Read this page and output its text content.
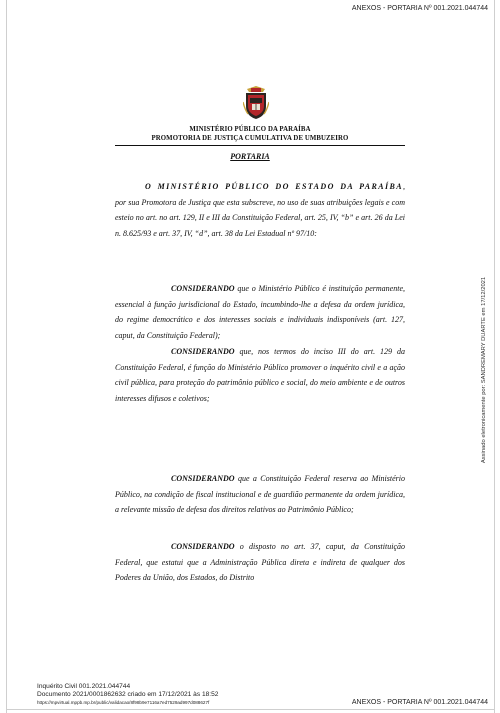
ANEXOS - PORTARIA Nº 001.2021.044744
MINISTÉRIO PÚBLICO DA PARAÍBA
PROMOTORIA DE JUSTIÇA CUMULATIVA DE UMBUZEIRO
PORTARIA

O MINISTÉRIO PÚBLICO DO ESTADO DA PARAÍBA, por sua Promotora de Justiça que esta subscreve, no uso de suas atribuições legais e com esteio no art. no art. 129, II e III da Constituição Federal, art. 25, IV, “b” e art. 26 da Lei n. 8.625/93 e art. 37, IV, “d”, art. 38 da Lei Estadual nº 97/10:

CONSIDERANDO que o Ministério Público é instituição permanente, essencial à função jurisdicional do Estado, incumbindo-lhe a defesa da ordem jurídica, do regime democrático e dos interesses sociais e individuais indisponíveis (art. 127, caput, da Constituição Federal);

CONSIDERANDO que, nos termos do inciso III do art. 129 da Constituição Federal, é função do Ministério Público promover o inquérito civil e a ação civil pública, para proteção do patrimônio público e social, do meio ambiente e de outros interesses difusos e coletivos;

CONSIDERANDO que a Constituição Federal reserva ao Ministério Público, na condição de fiscal institucional e de guardião permanente da ordem jurídica, a relevante missão de defesa dos direitos relativos ao Patrimônio Público;

CONSIDERANDO o disposto no art. 37, caput, da Constituição Federal, que estatui que a Administração Pública direta e indireta de qualquer dos Poderes da União, dos Estados, do Distrito

Assinado eletronicamente por: SANDREMARY DUARTE em 17/12/2021
Inquérito Civil 001.2021.044744
Documento 2021/0001862632 criado em 17/12/2021 às 18:52
https://mpvirtual.mppb.mp.br/public/validacao/8f98b9e7116a7ed7529ad997d088627f	ANEXOS - PORTARIA Nº 001.2021.044744
